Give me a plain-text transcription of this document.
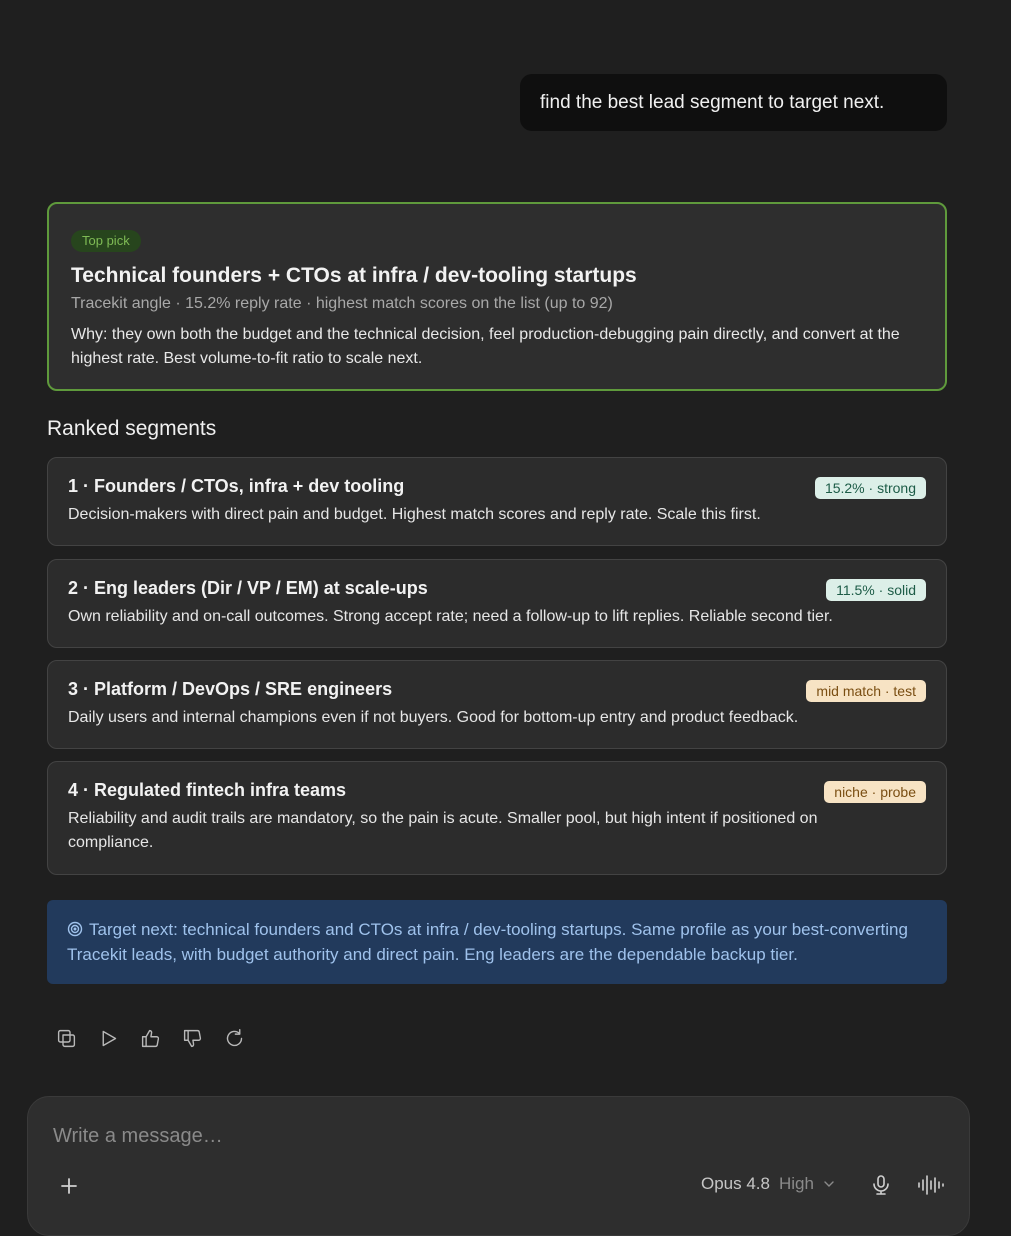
find the best lead segment to target next.
Top pick
Technical founders + CTOs at infra / dev-tooling startups
Tracekit angle · 15.2% reply rate · highest match scores on the list (up to 92)
Why: they own both the budget and the technical decision, feel production-debugging pain directly, and convert at the highest rate. Best volume-to-fit ratio to scale next.
Ranked segments
1 · Founders / CTOs, infra + dev tooling	15.2% · strong
Decision-makers with direct pain and budget. Highest match scores and reply rate. Scale this first.
2 · Eng leaders (Dir / VP / EM) at scale-ups	11.5% · solid
Own reliability and on-call outcomes. Strong accept rate; need a follow-up to lift replies. Reliable second tier.
3 · Platform / DevOps / SRE engineers	mid match · test
Daily users and internal champions even if not buyers. Good for bottom-up entry and product feedback.
4 · Regulated fintech infra teams	niche · probe
Reliability and audit trails are mandatory, so the pain is acute. Smaller pool, but high intent if positioned on compliance.
Target next: technical founders and CTOs at infra / dev-tooling startups. Same profile as your best-converting Tracekit leads, with budget authority and direct pain. Eng leaders are the dependable backup tier.
Write a message…
Opus 4.8 High
